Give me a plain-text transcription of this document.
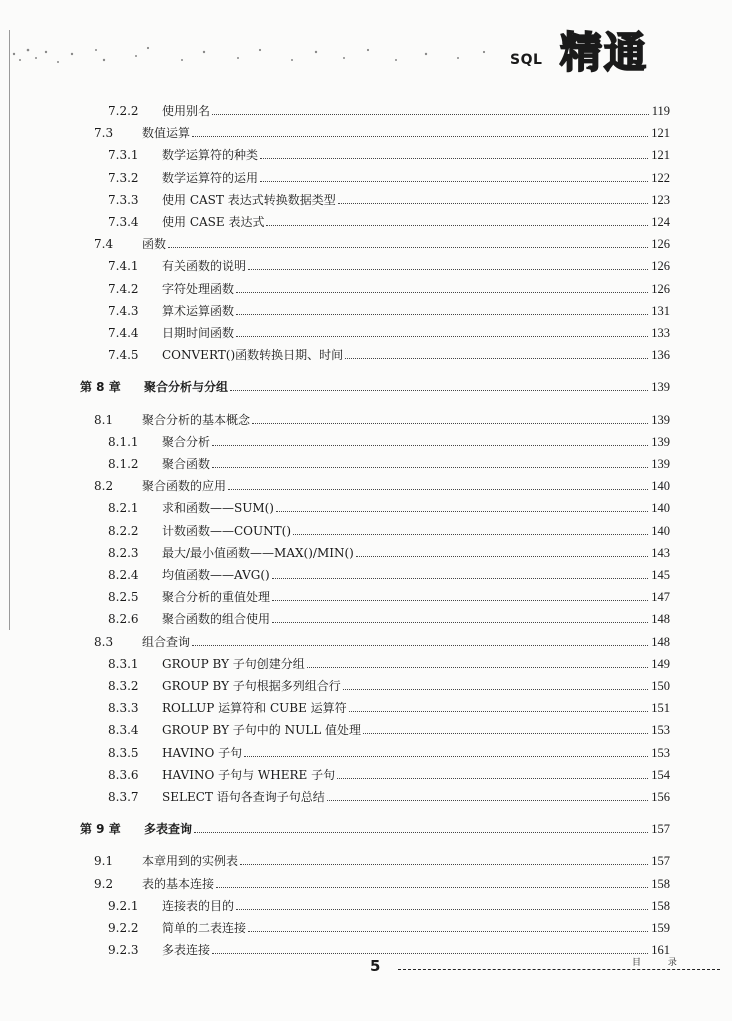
SQL 精通
7.2.2	使用别名	119
7.3	数值运算	121
7.3.1	数学运算符的种类	121
7.3.2	数学运算符的运用	122
7.3.3	使用 CAST 表达式转换数据类型	123
7.3.4	使用 CASE 表达式	124
7.4	函数	126
7.4.1	有关函数的说明	126
7.4.2	字符处理函数	126
7.4.3	算术运算函数	131
7.4.4	日期时间函数	133
7.4.5	CONVERT()函数转换日期、时间	136
第 8 章	聚合分析与分组	139
8.1	聚合分析的基本概念	139
8.1.1	聚合分析	139
8.1.2	聚合函数	139
8.2	聚合函数的应用	140
8.2.1	求和函数——SUM()	140
8.2.2	计数函数——COUNT()	140
8.2.3	最大/最小值函数——MAX()/MIN()	143
8.2.4	均值函数——AVG()	145
8.2.5	聚合分析的重值处理	147
8.2.6	聚合函数的组合使用	148
8.3	组合查询	148
8.3.1	GROUP BY 子句创建分组	149
8.3.2	GROUP BY 子句根据多列组合行	150
8.3.3	ROLLUP 运算符和 CUBE 运算符	151
8.3.4	GROUP BY 子句中的 NULL 值处理	153
8.3.5	HAVINO 子句	153
8.3.6	HAVINO 子句与 WHERE 子句	154
8.3.7	SELECT 语句各查询子句总结	156
第 9 章	多表查询	157
9.1	本章用到的实例表	157
9.2	表的基本连接	158
9.2.1	连接表的目的	158
9.2.2	简单的二表连接	159
9.2.3	多表连接	161
5	目 录
